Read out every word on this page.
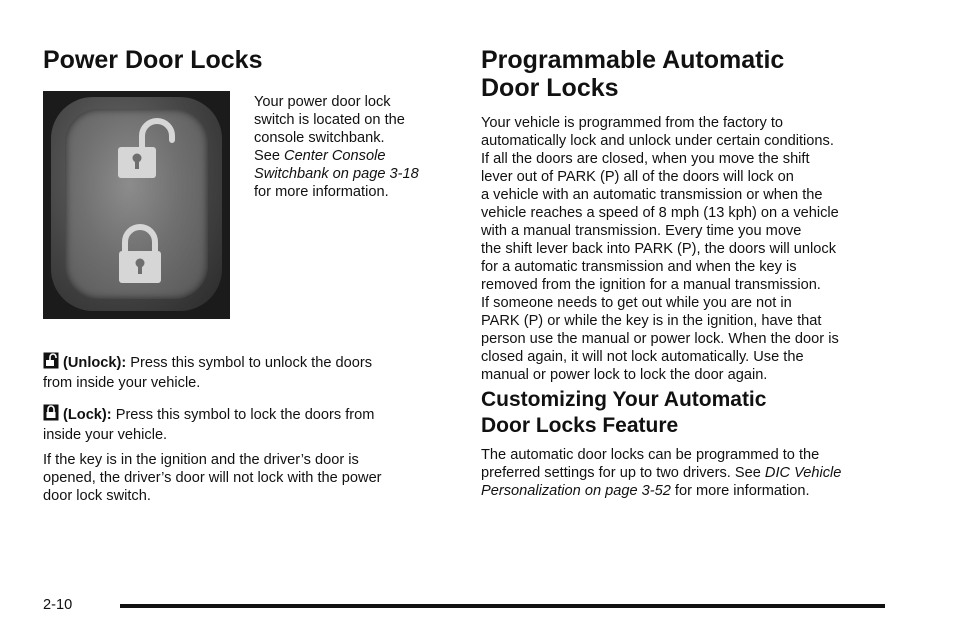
Power Door Locks
Your power door lock
switch is located on the
console switchbank.
See Center Console
Switchbank on page 3-18
for more information.
(Unlock): Press this symbol to unlock the doors
from inside your vehicle.
(Lock): Press this symbol to lock the doors from
inside your vehicle.
If the key is in the ignition and the driver’s door is
opened, the driver’s door will not lock with the power
door lock switch.
Programmable Automatic
Door Locks
Your vehicle is programmed from the factory to
automatically lock and unlock under certain conditions.
If all the doors are closed, when you move the shift
lever out of PARK (P) all of the doors will lock on
a vehicle with an automatic transmission or when the
vehicle reaches a speed of 8 mph (13 kph) on a vehicle
with a manual transmission. Every time you move
the shift lever back into PARK (P), the doors will unlock
for a automatic transmission and when the key is
removed from the ignition for a manual transmission.
If someone needs to get out while you are not in
PARK (P) or while the key is in the ignition, have that
person use the manual or power lock. When the door is
closed again, it will not lock automatically. Use the
manual or power lock to lock the door again.
Customizing Your Automatic
Door Locks Feature
The automatic door locks can be programmed to the
preferred settings for up to two drivers. See DIC Vehicle
Personalization on page 3-52 for more information.
2-10
